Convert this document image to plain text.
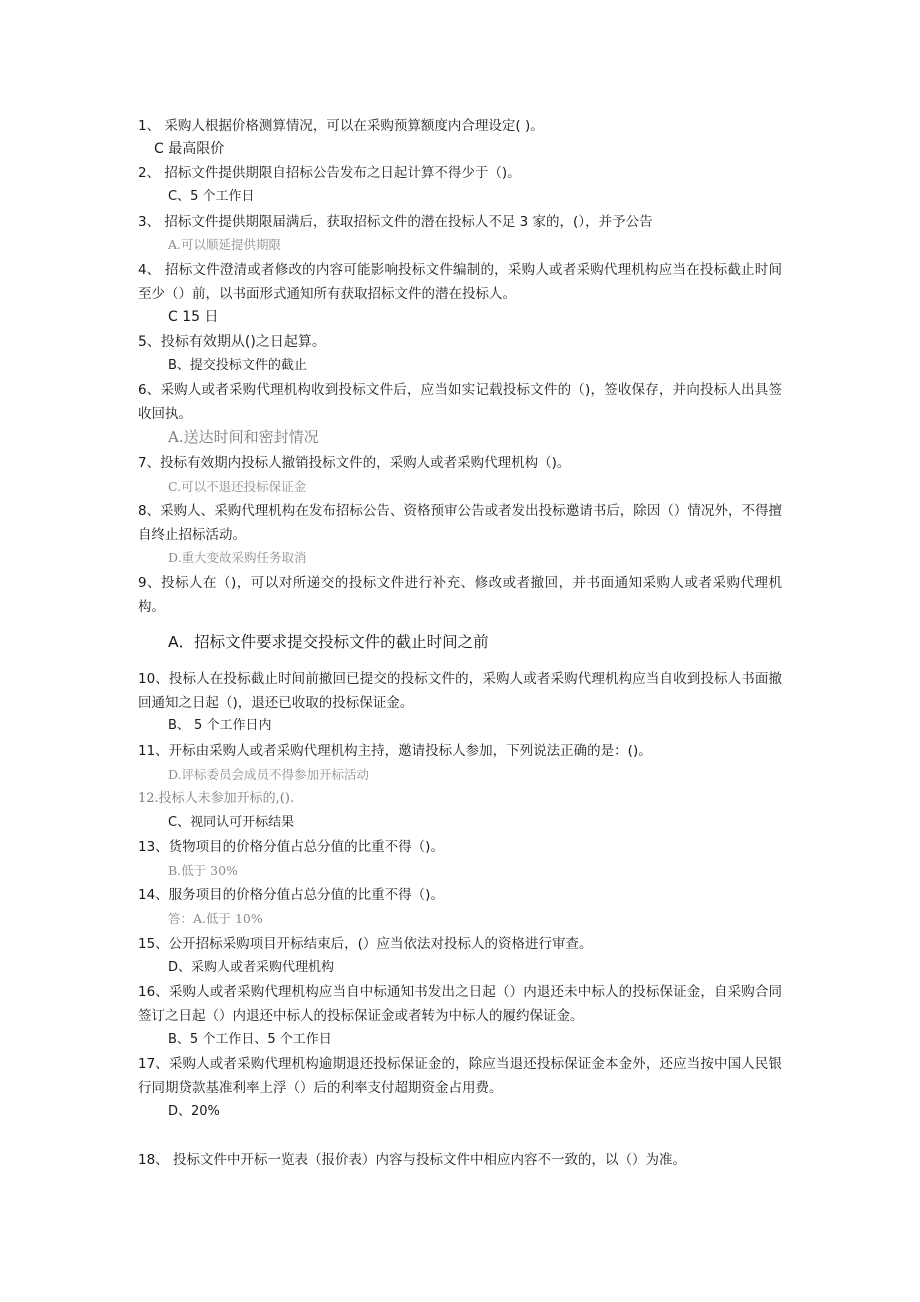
1、 采购人根据价格测算情况，可以在采购预算额度内合理设定( )。

C 最高限价

2、 招标文件提供期限自招标公告发布之日起计算不得少于（)。

C、5 个工作日

3、 招标文件提供期限届满后，获取招标文件的潜在投标人不足 3 家的，(），并予公告

A.可以顺延提供期限

4、 招标文件澄清或者修改的内容可能影响投标文件编制的，采购人或者采购代理机构应当在投标截止时间至少（）前，以书面形式通知所有获取招标文件的潜在投标人。

C 15 日

5、投标有效期从()之日起算。

B、提交投标文件的截止

6、采购人或者采购代理机构收到投标文件后，应当如实记载投标文件的（)，签收保存，并向投标人出具签收回执。

A.送达时间和密封情况

7、投标有效期内投标人撤销投标文件的，采购人或者采购代理机构（)。

C.可以不退还投标保证金

8、采购人、采购代理机构在发布招标公告、资格预审公告或者发出投标邀请书后，除因（）情况外，不得擅自终止招标活动。

D.重大变故采购任务取消

9、投标人在（)，可以对所递交的投标文件进行补充、修改或者撤回，并书面通知采购人或者采购代理机构。

A．招标文件要求提交投标文件的截止时间之前

10、投标人在投标截止时间前撤回已提交的投标文件的，采购人或者采购代理机构应当自收到投标人书面撤回通知之日起（)，退还已收取的投标保证金。

B、 5 个工作日内

11、开标由采购人或者采购代理机构主持，邀请投标人参加，下列说法正确的是：()。

D.评标委员会成员不得参加开标活动

12.投标人未参加开标的,().

C、视同认可开标结果

13、货物项目的价格分值占总分值的比重不得（)。

B.低于 30%

14、服务项目的价格分值占总分值的比重不得（)。

答：A.低于 10%

15、公开招标采购项目开标结束后，(）应当依法对投标人的资格进行审查。

D、采购人或者采购代理机构

16、采购人或者采购代理机构应当自中标通知书发出之日起（）内退还未中标人的投标保证金，自采购合同签订之日起（）内退还中标人的投标保证金或者转为中标人的履约保证金。

B、5 个工作日、5 个工作日

17、采购人或者采购代理机构逾期退还投标保证金的，除应当退还投标保证金本金外，还应当按中国人民银行同期贷款基准利率上浮（）后的利率支付超期资金占用费。

D、20%

18、 投标文件中开标一览表（报价表）内容与投标文件中相应内容不一致的，以（）为准。
